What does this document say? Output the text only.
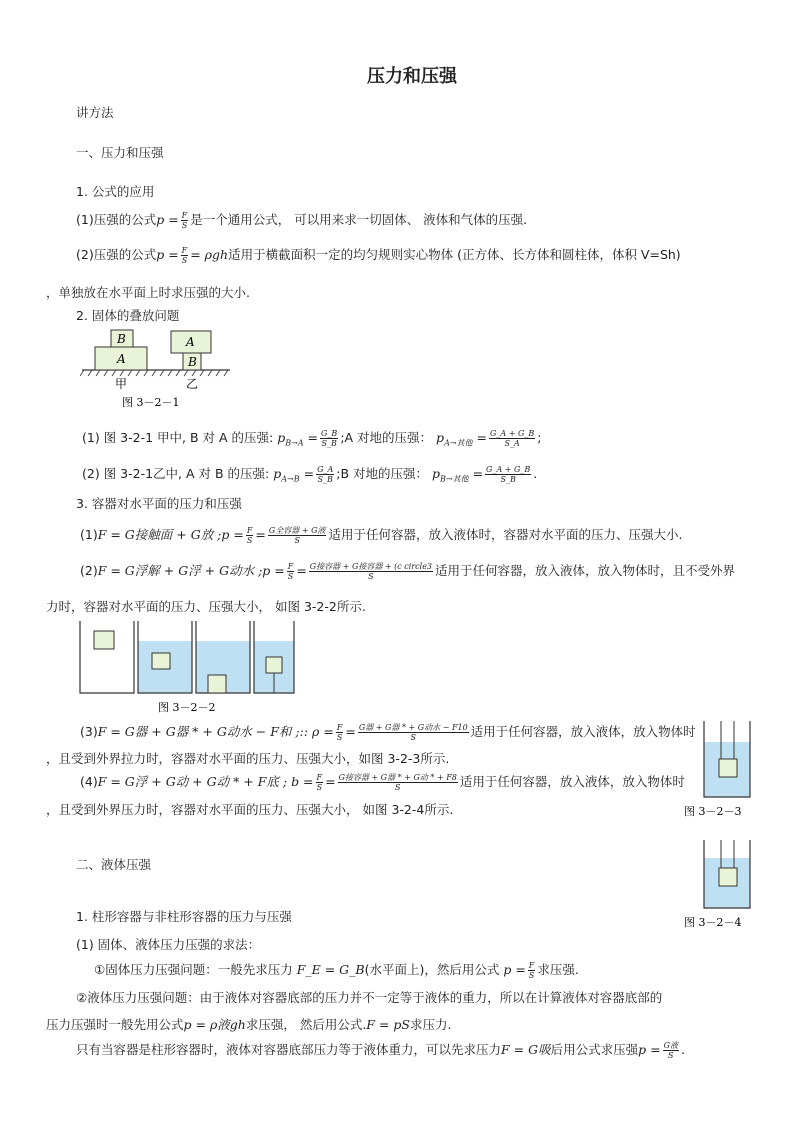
压力和压强
讲方法
一、压力和压强
1. 公式的应用
(1)压强的公式$p = \frac{F}{S}$ 是一个通用公式， 可以用来求一切固体、 液体和气体的压强.
(2)压强的公式$p = \frac{F}{S} = \rho gh$适用于横截面积一定的均匀规则实心物体 (正方体、长方体和圆柱体，体积 V=Sh)
，单独放在水平面上时求压强的大小.
2. 固体的叠放问题
A
B	A
B
甲	乙
图 3－2－1
(1) 图 3-2-1 甲中, B 对 A 的压强: $p_{B\to A} = \frac{G\_B}{S\_B}$ ;A 对地的压强： $p_{A\to 其他} = \frac{G\_A + G\_B}{S\_A}$ ;
(2) 图 3-2-1乙中, A 对 B 的压强: $p_{A\to B} = \frac{G\_A}{S\_B}$ ;B 对地的压强： $p_{B\to 其他} = \frac{G\_A + G\_B}{S\_B}$ .
3. 容器对水平面的压力和压强
(1)F = G接触面 + G放 ;p = $\frac{F}{S} = \frac{\text{G全容器 + G液}}{S}$ 适用于任何容器，放入液体时，容器对水平面的压力、压强大小.
(2)F = G浮解 + G浮 + G动水 ;p = $\frac{F}{S} = \frac{\text{G接容器 + G接容器 + (c circle3}}{S}$ 适用于任何容器，放入液体，放入物体时，且不受外界
力时，容器对水平面的压力、压强大小， 如图 3-2-2所示.
图 3－2－2
(3)F = G器 + G器 * + G动水 − F和 ;:: $\rho = \frac{F}{S} = \frac{\text{G器 + G器 * + G动水 − F10}}{S}$ 适用于任何容器，放入液体，放入物体时
，且受到外界拉力时，容器对水平面的压力、压强大小，如图 3-2-3所示.
(4)F = G浮 + G动 + G动 * + F底 ; $b = \frac{F}{S} = \frac{\text{G接容器 + G器 * + G动 * + F8}}{S}$ 适用于任何容器，放入液体，放入物体时
，且受到外界压力时，容器对水平面的压力、压强大小， 如图 3-2-4所示.	图 3－2－3
二、液体压强
图 3－2－4
1. 柱形容器与非柱形容器的压力与压强
(1) 固体、液体压力压强的求法：
①固体压力压强问题：一般先求压力 F_E = G_B(水平面上)，然后用公式 $p = \frac{F}{S}$ 求压强.
②液体压力压强问题：由于液体对容器底部的压力并不一定等于液体的重力，所以在计算液体对容器底部的
压力压强时一般先用公式p = ρ液gh求压强， 然后用公式.F = pS求压力.
只有当容器是柱形容器时，液体对容器底部压力等于液体重力，可以先求压力F = G吸后用公式求压强$p = \frac{\text{G液}}{S}$ .
